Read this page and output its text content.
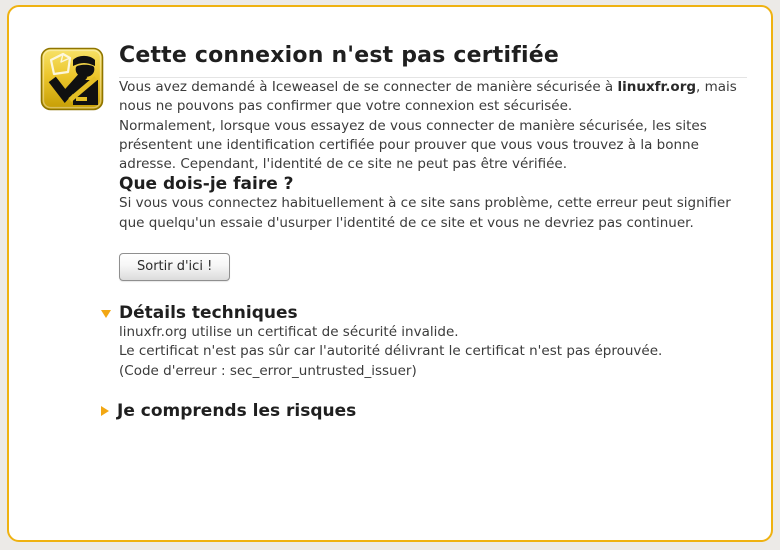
Cette connexion n'est pas certifiée

Vous avez demandé à Iceweasel de se connecter de manière sécurisée à linuxfr.org, mais nous ne pouvons pas confirmer que votre connexion est sécurisée.

Normalement, lorsque vous essayez de vous connecter de manière sécurisée, les sites présentent une identification certifiée pour prouver que vous vous trouvez à la bonne adresse. Cependant, l'identité de ce site ne peut pas être vérifiée.

Que dois-je faire ?

Si vous vous connectez habituellement à ce site sans problème, cette erreur peut signifier que quelqu'un essaie d'usurper l'identité de ce site et vous ne devriez pas continuer.

Sortir d'ici !
Détails techniques

linuxfr.org utilise un certificat de sécurité invalide.

Le certificat n'est pas sûr car l'autorité délivrant le certificat n'est pas éprouvée.

(Code d'erreur : sec_error_untrusted_issuer)

Je comprends les risques
